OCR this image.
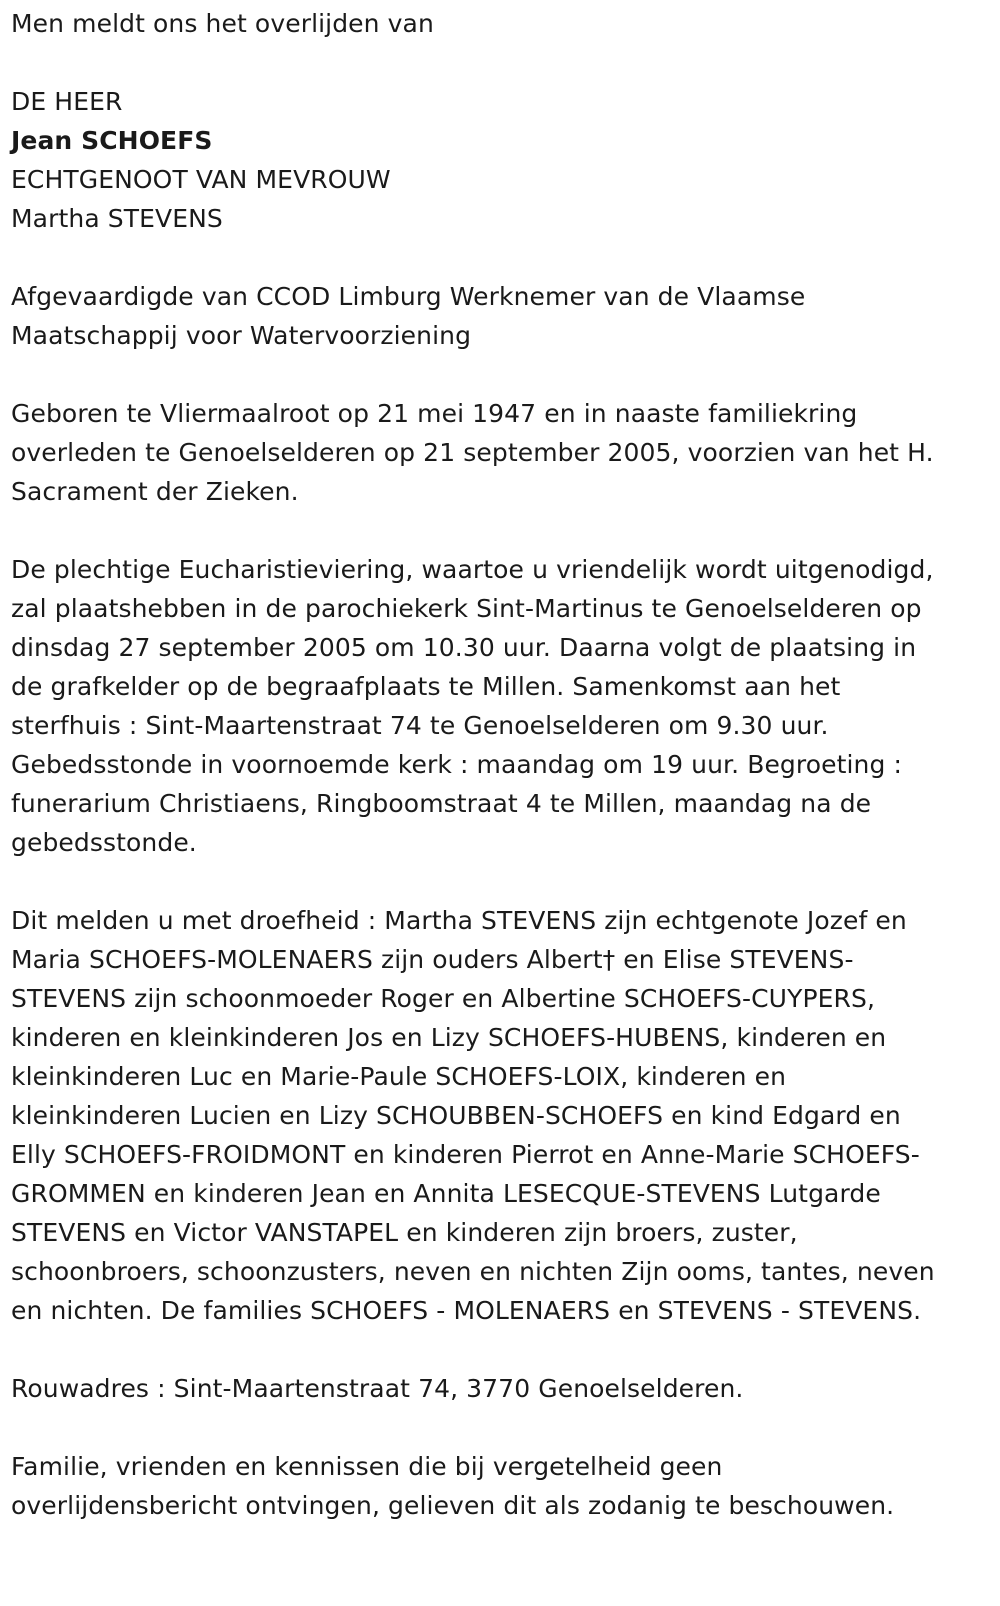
Men meldt ons het overlijden van

DE HEER

Jean SCHOEFS

ECHTGENOOT VAN MEVROUW

Martha STEVENS

Afgevaardigde van CCOD Limburg Werknemer van de Vlaamse

Maatschappij voor Watervoorziening

Geboren te Vliermaalroot op 21 mei 1947 en in naaste familiekring

overleden te Genoelselderen op 21 september 2005, voorzien van het H.

Sacrament der Zieken.

De plechtige Eucharistieviering, waartoe u vriendelijk wordt uitgenodigd,

zal plaatshebben in de parochiekerk Sint-Martinus te Genoelselderen op

dinsdag 27 september 2005 om 10.30 uur. Daarna volgt de plaatsing in

de grafkelder op de begraafplaats te Millen. Samenkomst aan het

sterfhuis : Sint-Maartenstraat 74 te Genoelselderen om 9.30 uur.

Gebedsstonde in voornoemde kerk : maandag om 19 uur. Begroeting :

funerarium Christiaens, Ringboomstraat 4 te Millen, maandag na de

gebedsstonde.

Dit melden u met droefheid : Martha STEVENS zijn echtgenote Jozef en

Maria SCHOEFS-MOLENAERS zijn ouders Albert† en Elise STEVENS-

STEVENS zijn schoonmoeder Roger en Albertine SCHOEFS-CUYPERS,

kinderen en kleinkinderen Jos en Lizy SCHOEFS-HUBENS, kinderen en

kleinkinderen Luc en Marie-Paule SCHOEFS-LOIX, kinderen en

kleinkinderen Lucien en Lizy SCHOUBBEN-SCHOEFS en kind Edgard en

Elly SCHOEFS-FROIDMONT en kinderen Pierrot en Anne-Marie SCHOEFS-

GROMMEN en kinderen Jean en Annita LESECQUE-STEVENS Lutgarde

STEVENS en Victor VANSTAPEL en kinderen zijn broers, zuster,

schoonbroers, schoonzusters, neven en nichten Zijn ooms, tantes, neven

en nichten. De families SCHOEFS - MOLENAERS en STEVENS - STEVENS.

Rouwadres : Sint-Maartenstraat 74, 3770 Genoelselderen.

Familie, vrienden en kennissen die bij vergetelheid geen

overlijdensbericht ontvingen, gelieven dit als zodanig te beschouwen.
